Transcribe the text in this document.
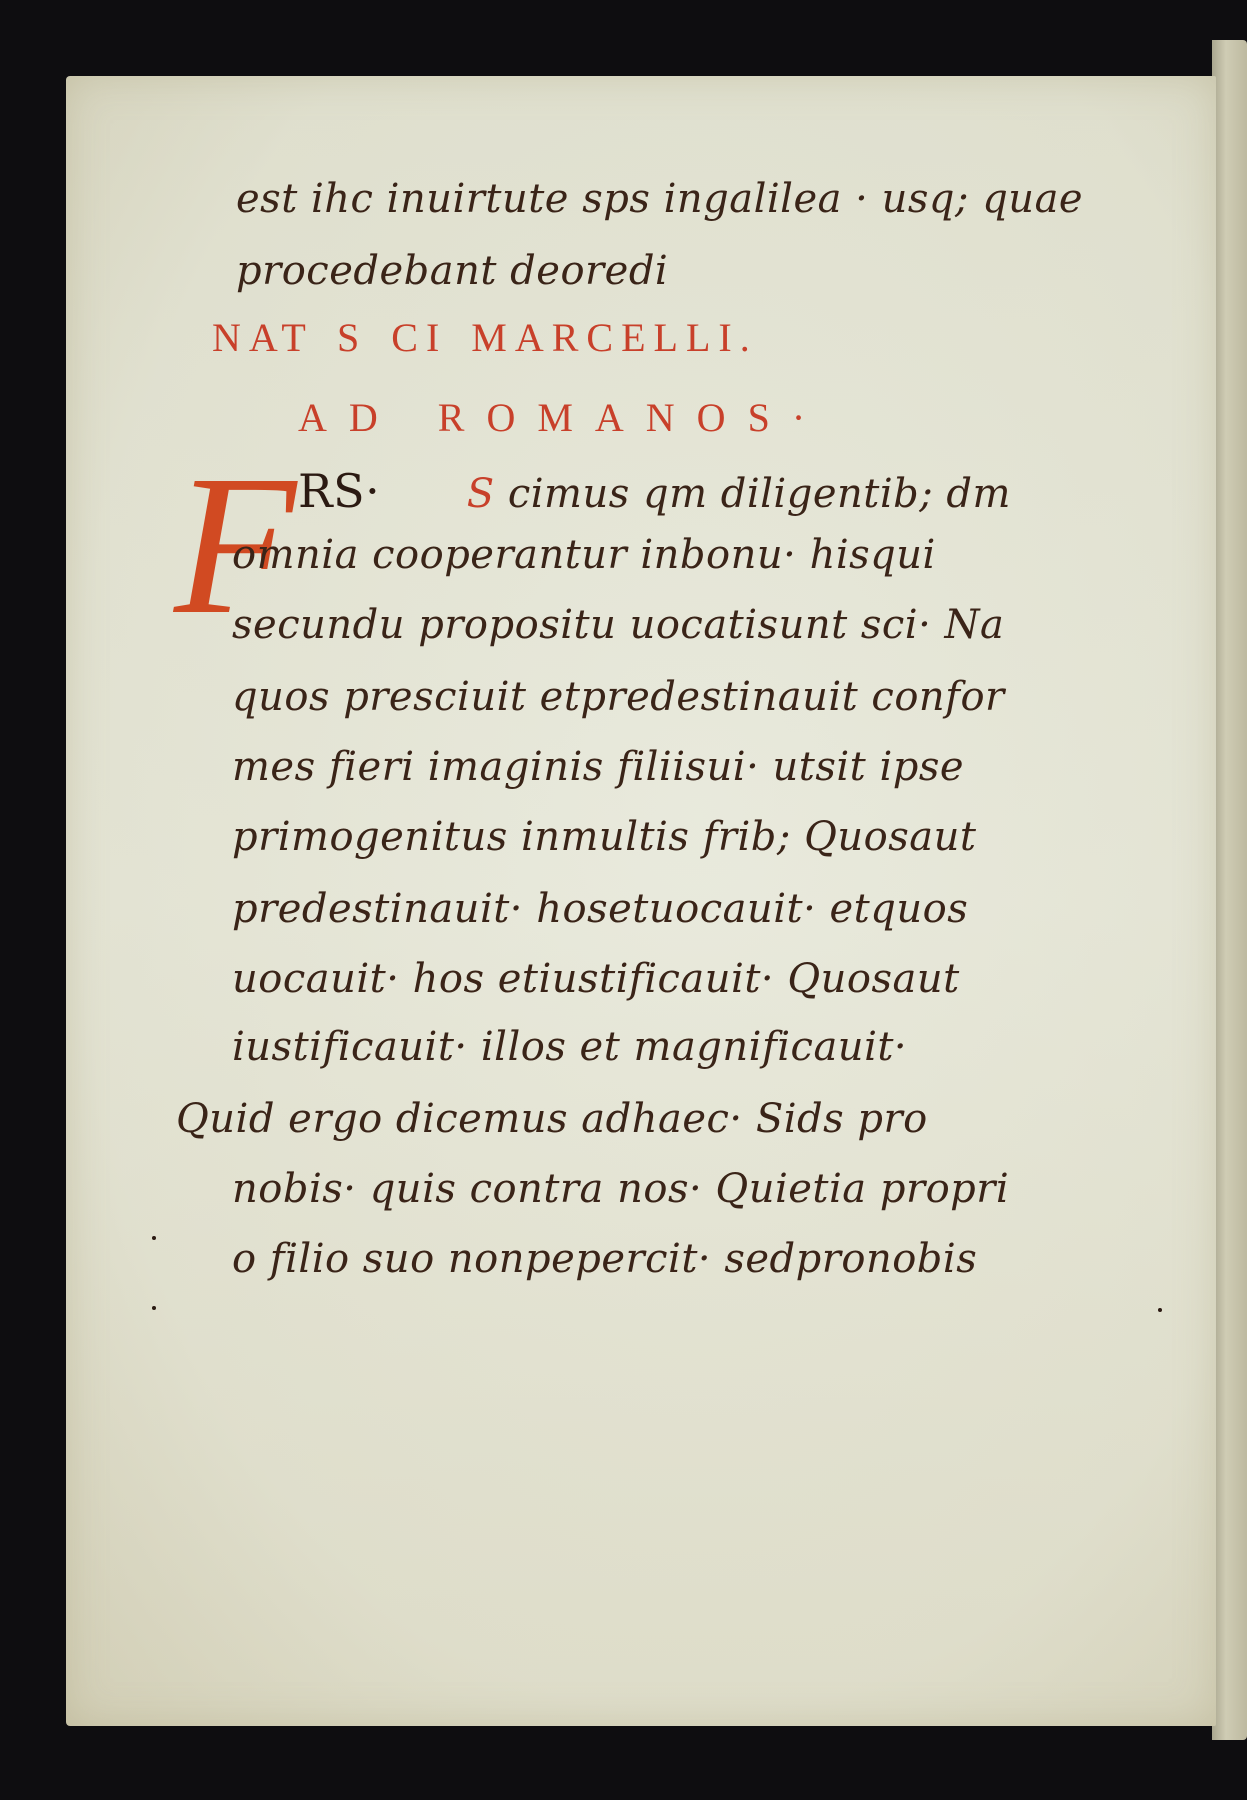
est ihc inuirtute sps ingalilea · usq; quae
procedebant deoredi
NAT S CI MARCELLI.
F
AD ROMANOS·
RS· S cimus qm diligentib; dm
omnia cooperantur inbonu· hisqui
secundu propositu uocatisunt sci· Na
quos presciuit etpredestinauit confor
mes fieri imaginis filiisui· utsit ipse
primogenitus inmultis frib; Quosaut
predestinauit· hosetuocauit· etquos
uocauit· hos etiustificauit· Quosaut
iustificauit· illos et magnificauit·
Quid ergo dicemus adhaec· Sids pro
nobis· quis contra nos· Quietia propri
o filio suo nonpepercit· sedpronobis
